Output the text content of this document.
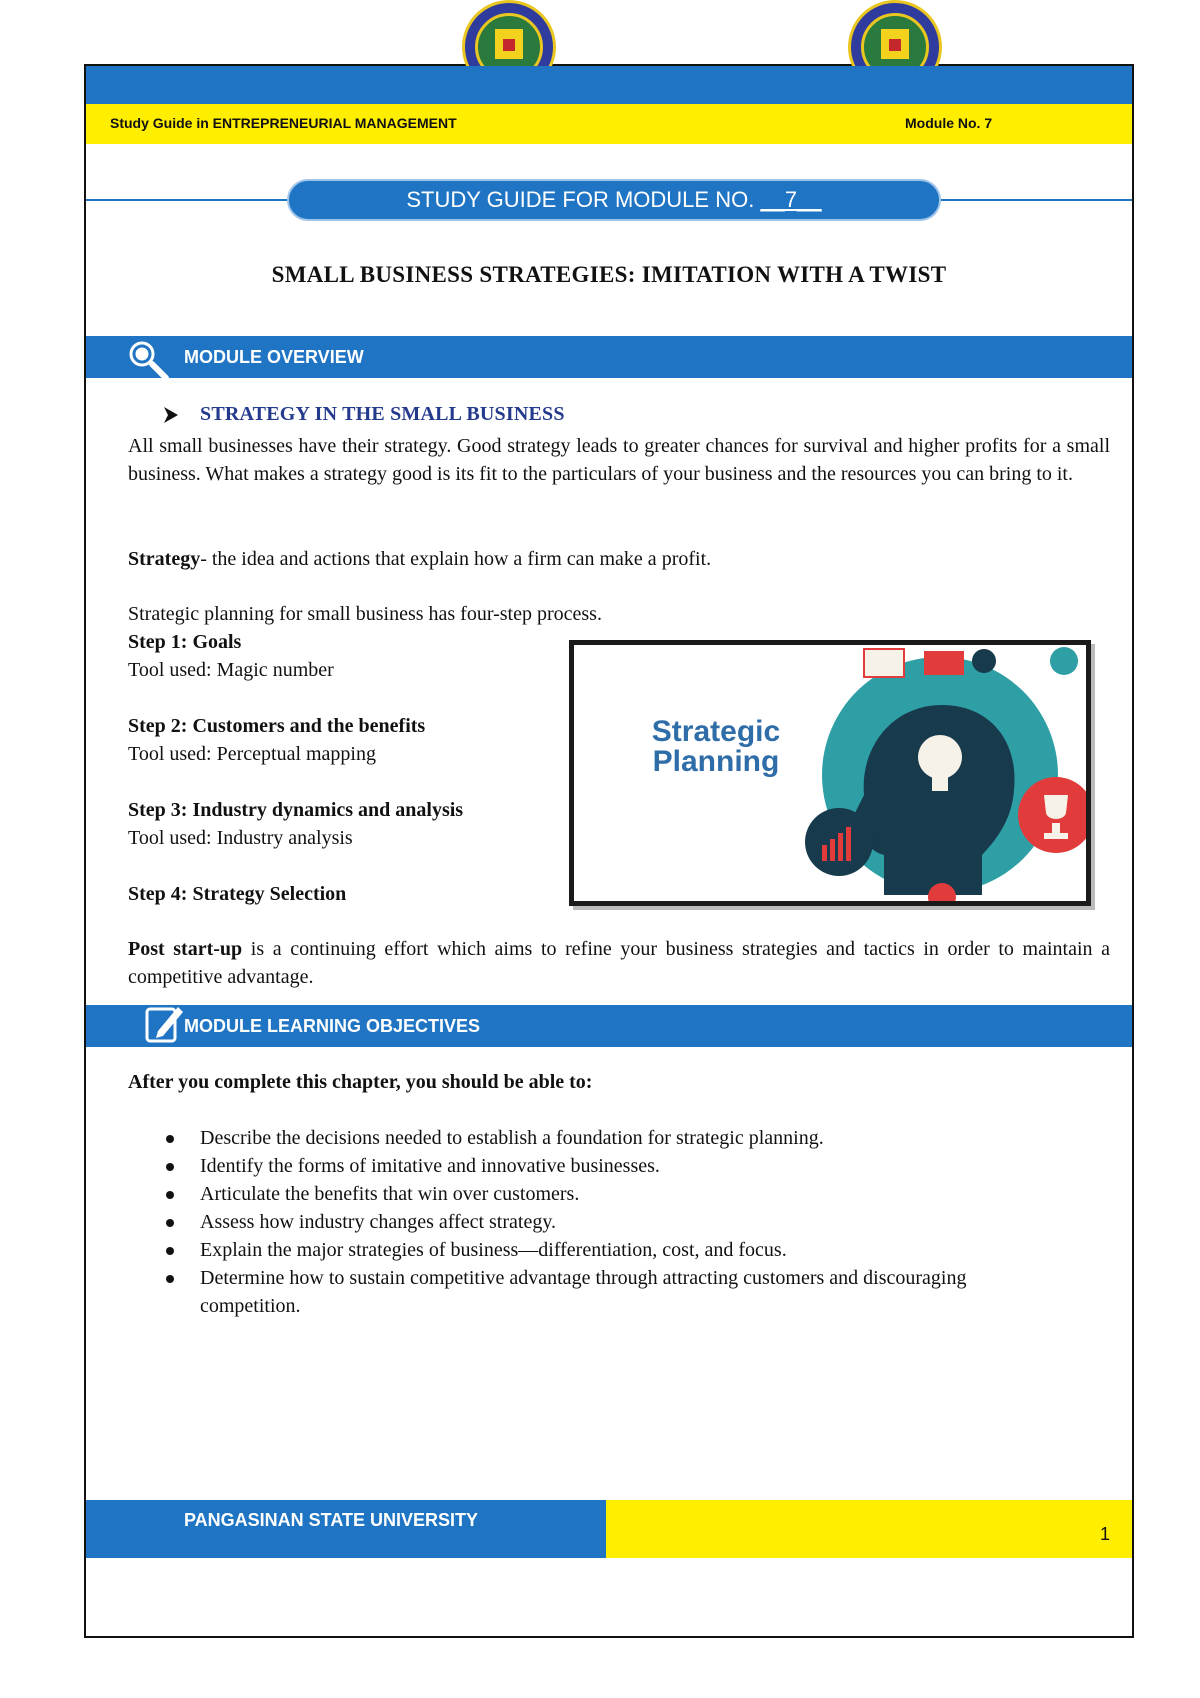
Study Guide in ENTREPRENEURIAL MANAGEMENT	Module No. 7
STUDY GUIDE FOR MODULE NO. __7__
SMALL BUSINESS STRATEGIES: IMITATION WITH A TWIST
MODULE OVERVIEW
STRATEGY IN THE SMALL BUSINESS
All small businesses have their strategy. Good strategy leads to greater chances for survival and higher profits for a small business. What makes a strategy good is its fit to the particulars of your business and the resources you can bring to it.
Strategy- the idea and actions that explain how a firm can make a profit.
Strategic planning for small business has four-step process.
Step 1: Goals
Tool used: Magic number
Step 2: Customers and the benefits
Tool used: Perceptual mapping
Step 3: Industry dynamics and analysis
Tool used: Industry analysis
Step 4: Strategy Selection
Strategic
Planning
Post start-up is a continuing effort which aims to refine your business strategies and tactics in order to maintain a competitive advantage.
MODULE LEARNING OBJECTIVES
After you complete this chapter, you should be able to:
Describe the decisions needed to establish a foundation for strategic planning.
Identify the forms of imitative and innovative businesses.
Articulate the benefits that win over customers.
Assess how industry changes affect strategy.
Explain the major strategies of business—differentiation, cost, and focus.
Determine how to sustain competitive advantage through attracting customers and discouraging competition.
PANGASINAN STATE UNIVERSITY
1
